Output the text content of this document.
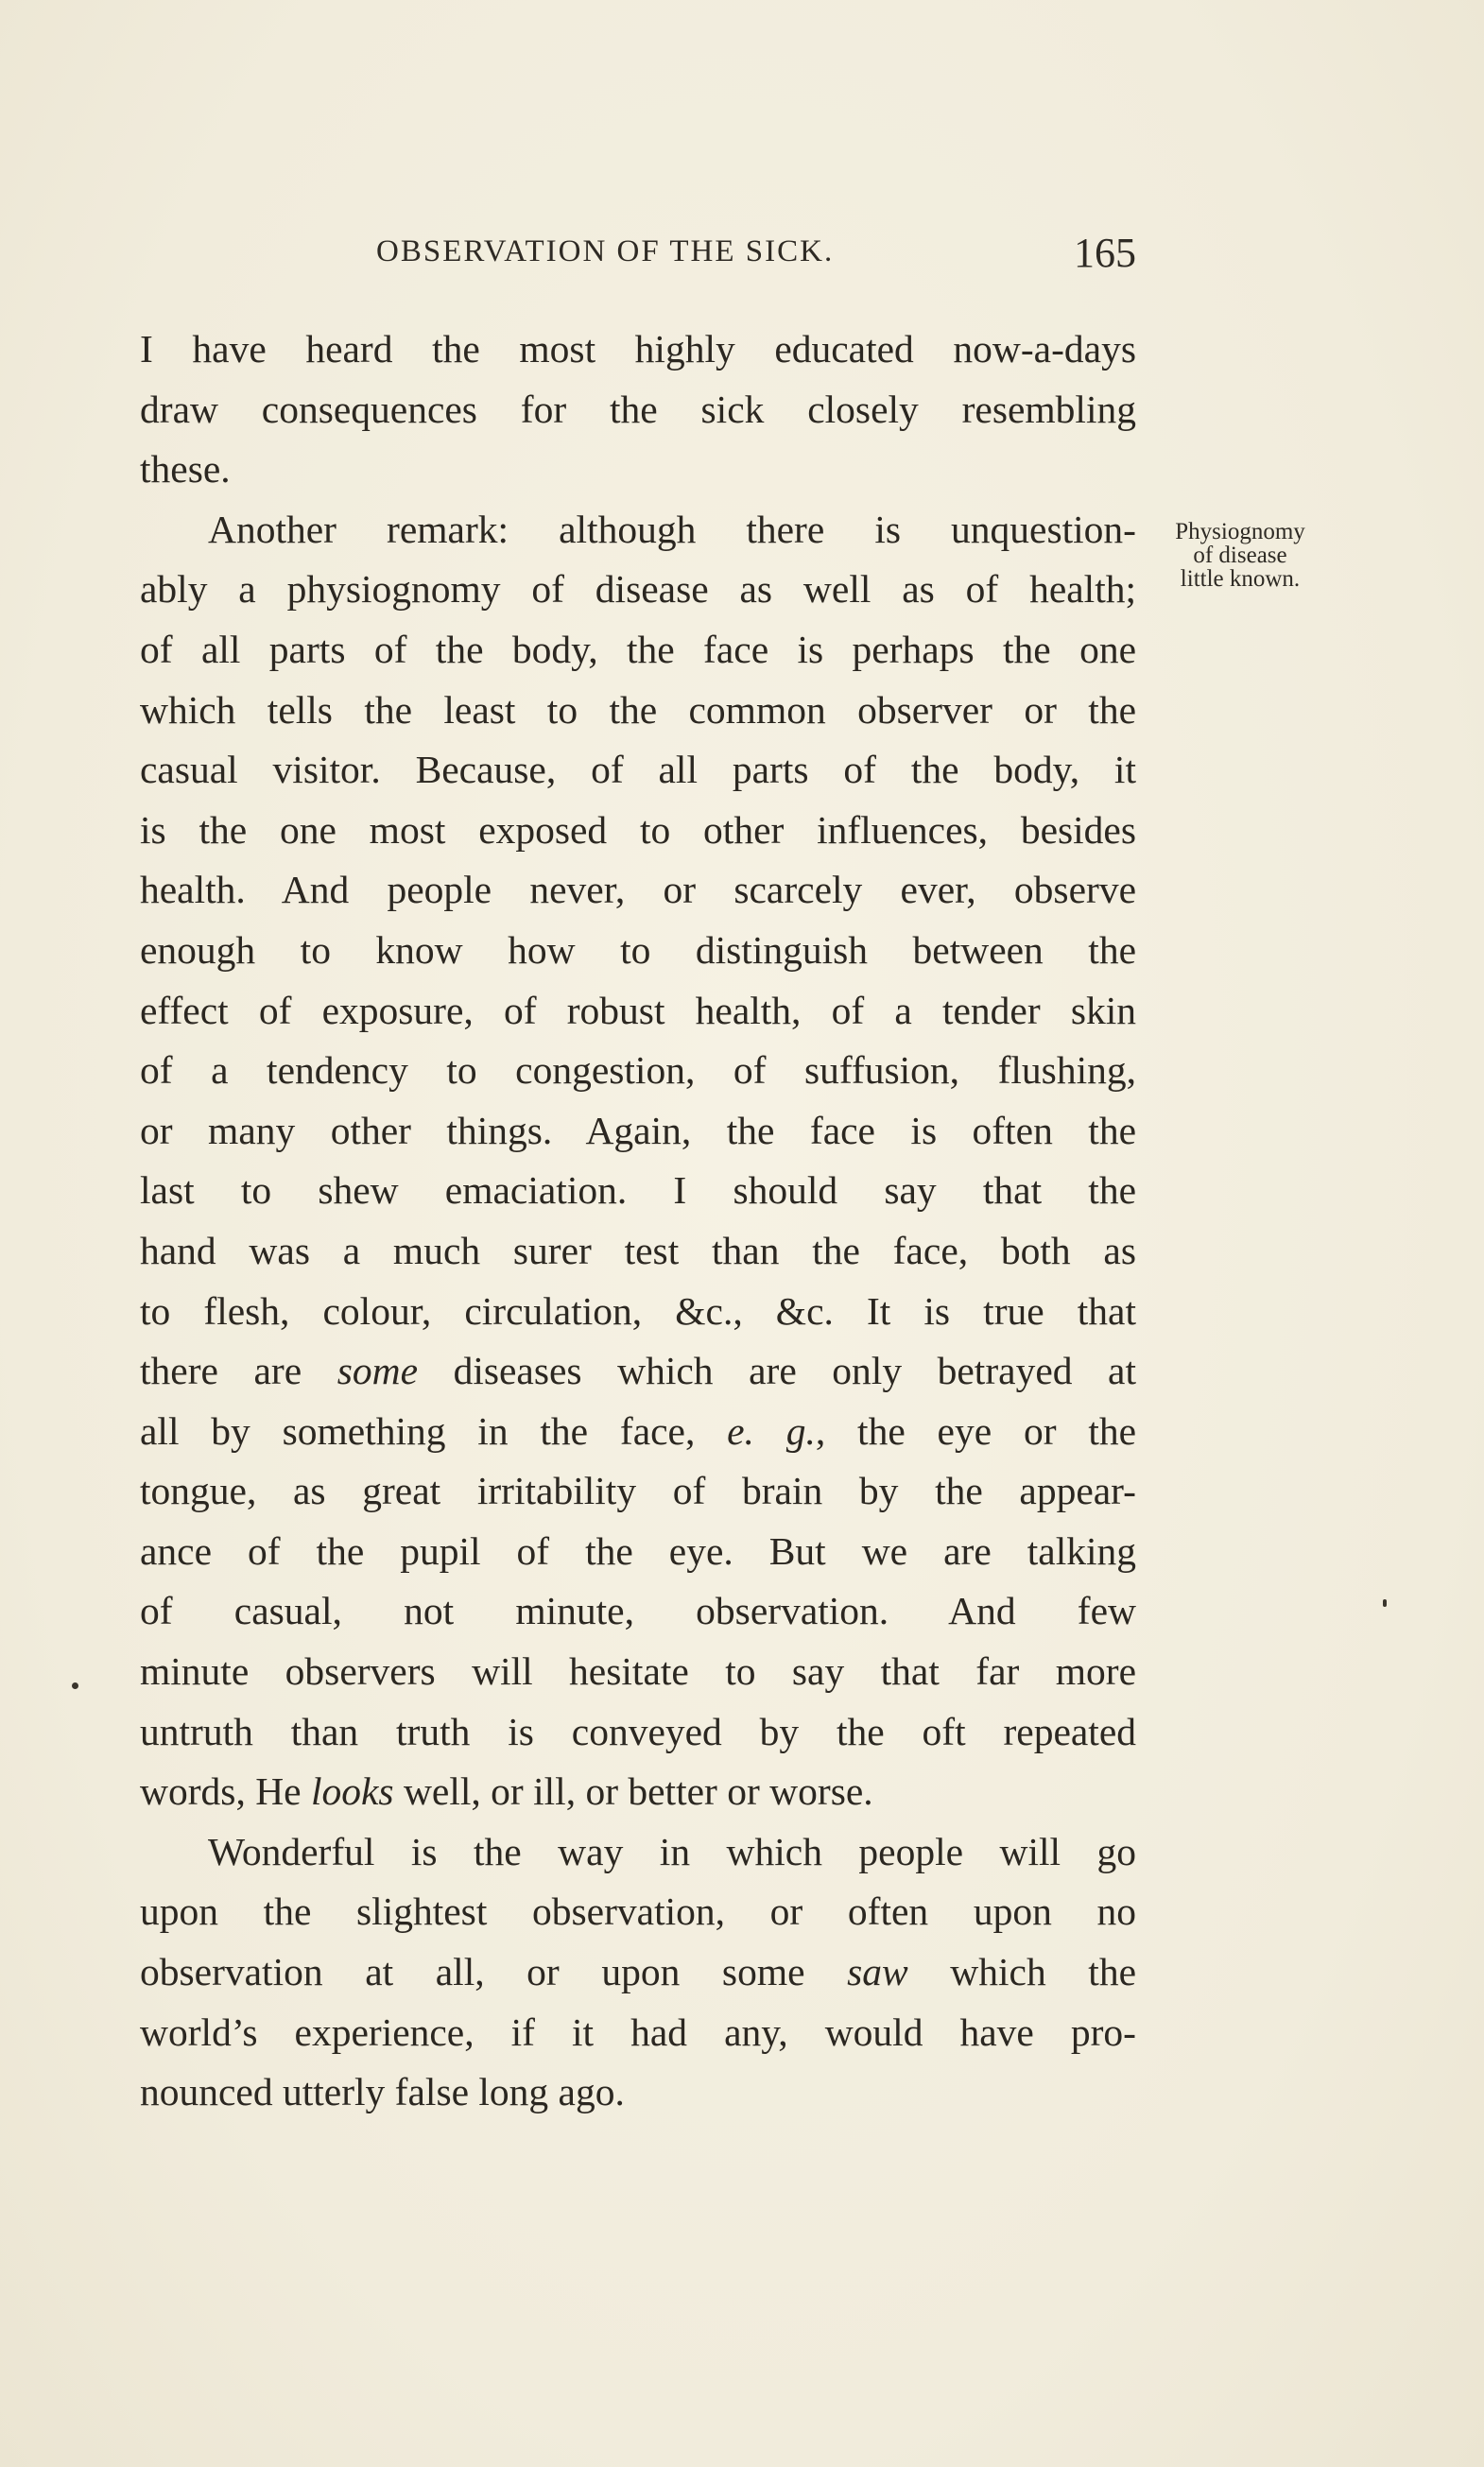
OBSERVATION OF THE SICK.	165
Physiognomy
of disease
little known.
I have heard the most highly educated now-a-days
draw consequences for the sick closely resembling
these.
Another remark: although there is unquestion-
ably a physiognomy of disease as well as of health;
of all parts of the body, the face is perhaps the one
which tells the least to the common observer or the
casual visitor. Because, of all parts of the body, it
is the one most exposed to other influences, besides
health. And people never, or scarcely ever, observe
enough to know how to distinguish between the
effect of exposure, of robust health, of a tender skin
of a tendency to congestion, of suffusion, flushing,
or many other things. Again, the face is often the
last to shew emaciation. I should say that the
hand was a much surer test than the face, both as
to flesh, colour, circulation, &c., &c. It is true that
there are some diseases which are only betrayed at
all by something in the face, e. g., the eye or the
tongue, as great irritability of brain by the appear-
ance of the pupil of the eye. But we are talking
of casual, not minute, observation. And few
minute observers will hesitate to say that far more
untruth than truth is conveyed by the oft repeated
words, He looks well, or ill, or better or worse.
Wonderful is the way in which people will go
upon the slightest observation, or often upon no
observation at all, or upon some saw which the
world’s experience, if it had any, would have pro-
nounced utterly false long ago.
